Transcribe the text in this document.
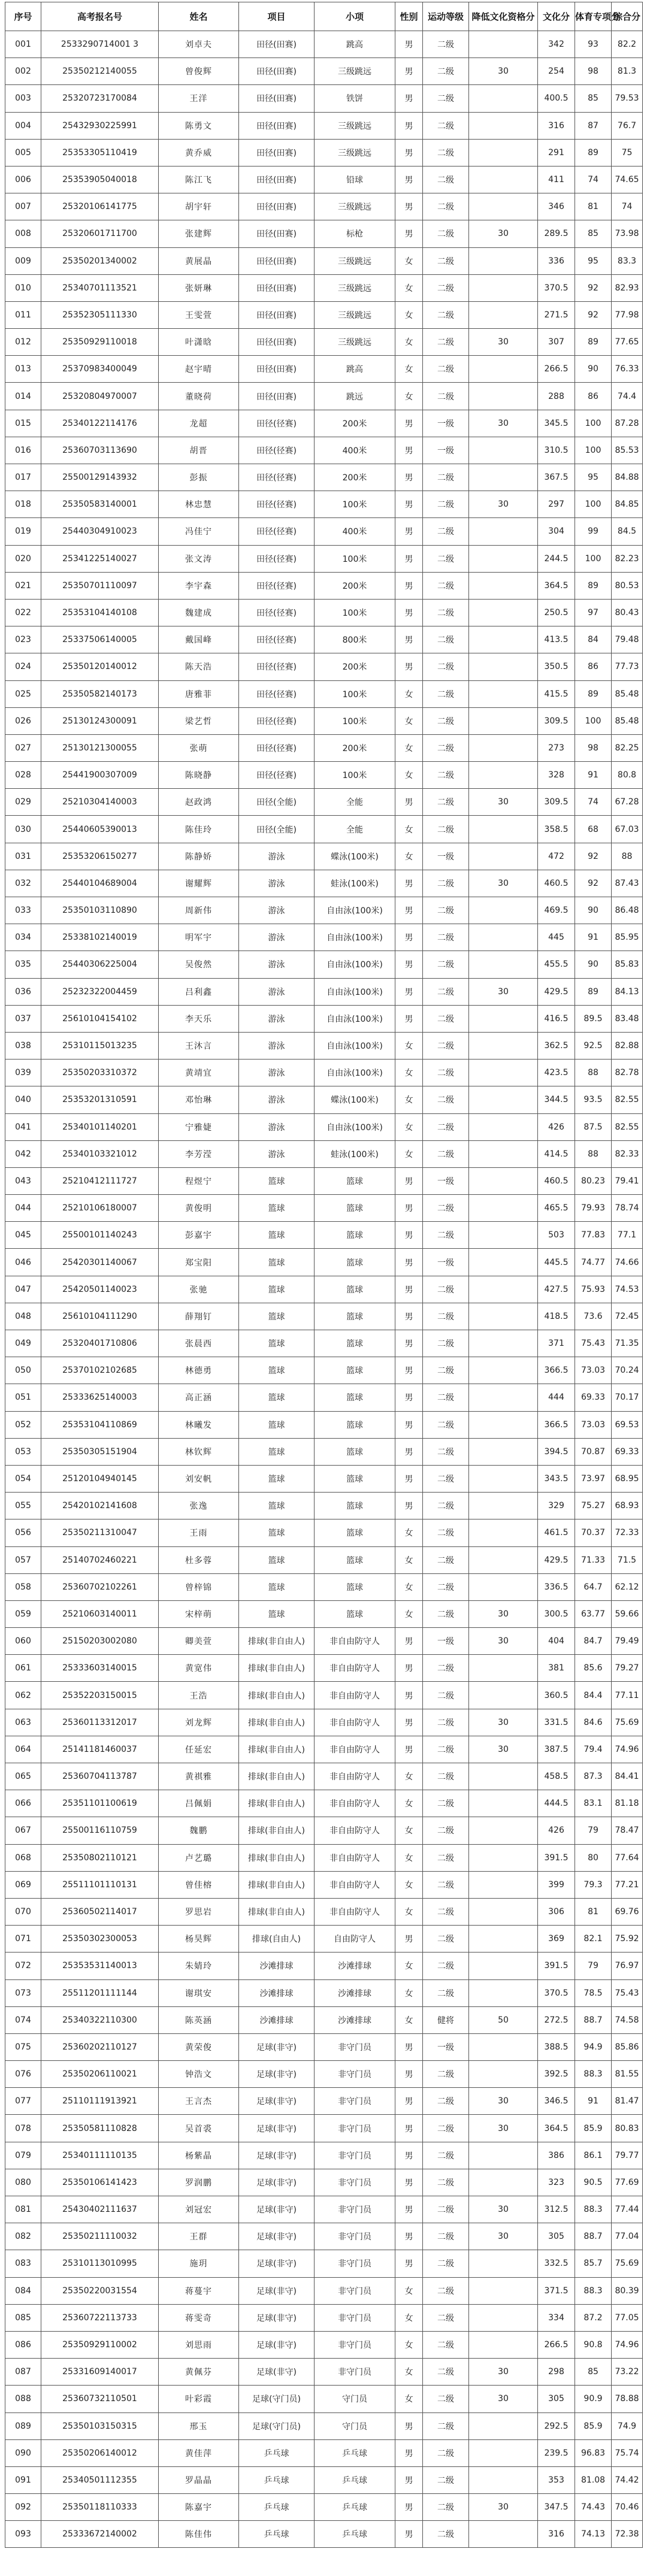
序号	高考报名号	姓名	项目	小项	性别	运动等级	降低文化资格分	文化分	体育专项分	综合分
001	2533290714001 3	刘卓夫	田径(田赛)	跳高	男	二级		342	93	82.2
002	25350212140055	曾俊辉	田径(田赛)	三级跳远	男	二级	30	254	98	81.3
003	25320723170084	王洋	田径(田赛)	铁饼	男	二级		400.5	85	79.53
004	25432930225991	陈勇文	田径(田赛)	三级跳远	男	二级		316	87	76.7
005	25353305110419	黄乔威	田径(田赛)	三级跳远	男	二级		291	89	75
006	25353905040018	陈江飞	田径(田赛)	铅球	男	二级		411	74	74.65
007	25320106141775	胡宇轩	田径(田赛)	三级跳远	男	二级		346	81	74
008	25320601711700	张建辉	田径(田赛)	标枪	男	二级	30	289.5	85	73.98
009	25350201340002	黄展晶	田径(田赛)	三级跳远	女	二级		336	95	83.3
010	25340701113521	张妍琳	田径(田赛)	三级跳远	女	二级		370.5	92	82.93
011	25352305111330	王雯萱	田径(田赛)	三级跳远	女	二级		271.5	92	77.98
012	25350929110018	叶潇晗	田径(田赛)	三级跳远	女	二级	30	307	89	77.65
013	25370983400049	赵宇晴	田径(田赛)	跳高	女	二级		266.5	90	76.33
014	25320804970007	董晓荷	田径(田赛)	跳远	女	二级		288	86	74.4
015	25340122114176	龙超	田径(径赛)	200米	男	一级	30	345.5	100	87.28
016	25360703113690	胡晋	田径(径赛)	400米	男	一级		310.5	100	85.53
017	25500129143932	彭振	田径(径赛)	200米	男	二级		367.5	95	84.88
018	25350583140001	林忠慧	田径(径赛)	100米	男	二级	30	297	100	84.85
019	25440304910023	冯佳宁	田径(径赛)	400米	男	二级		304	99	84.5
020	25341225140027	张文涛	田径(径赛)	100米	男	二级		244.5	100	82.23
021	25350701110097	李宇森	田径(径赛)	200米	男	二级		364.5	89	80.53
022	25353104140108	魏建成	田径(径赛)	100米	男	二级		250.5	97	80.43
023	25337506140005	戴国峰	田径(径赛)	800米	男	二级		413.5	84	79.48
024	25350120140012	陈天浩	田径(径赛)	200米	男	二级		350.5	86	77.73
025	25350582140173	唐雅菲	田径(径赛)	100米	女	二级		415.5	89	85.48
026	25130124300091	梁艺哲	田径(径赛)	100米	女	二级		309.5	100	85.48
027	25130121300055	张萌	田径(径赛)	200米	女	二级		273	98	82.25
028	25441900307009	陈晓静	田径(径赛)	100米	女	二级		328	91	80.8
029	25210304140003	赵政鸿	田径(全能)	全能	男	二级	30	309.5	74	67.28
030	25440605390013	陈佳玲	田径(全能)	全能	女	二级		358.5	68	67.03
031	25353206150277	陈静娇	游泳	蝶泳(100米)	女	一级		472	92	88
032	25440104689004	谢耀辉	游泳	蛙泳(100米)	男	二级	30	460.5	92	87.43
033	25350103110890	周新伟	游泳	自由泳(100米)	男	二级		469.5	90	86.48
034	25338102140019	明军宇	游泳	自由泳(100米)	男	二级		445	91	85.95
035	25440306225004	吴俊然	游泳	自由泳(100米)	男	二级		455.5	90	85.83
036	25232322004459	吕利鑫	游泳	自由泳(100米)	男	二级	30	429.5	89	84.13
037	25610104154102	李天乐	游泳	自由泳(100米)	男	二级		416.5	89.5	83.48
038	25310115013235	王沐言	游泳	自由泳(100米)	女	二级		362.5	92.5	82.88
039	25350203310372	黄靖宜	游泳	自由泳(100米)	女	二级		423.5	88	82.78
040	25353201310591	邓怡琳	游泳	蝶泳(100米)	女	二级		344.5	93.5	82.55
041	25340101140201	宁雅婕	游泳	自由泳(100米)	女	二级		426	87.5	82.55
042	25340103321012	李芳滢	游泳	蛙泳(100米)	女	二级		414.5	88	82.33
043	25210412111727	程煜宁	篮球	篮球	男	一级		460.5	80.23	79.41
044	25210106180007	黄俊明	篮球	篮球	男	二级		465.5	79.93	78.74
045	25500101140243	彭嘉宇	篮球	篮球	男	二级		503	77.83	77.1
046	25420301140067	郑宝阳	篮球	篮球	男	一级		445.5	74.77	74.66
047	25420501140023	张驰	篮球	篮球	男	二级		427.5	75.93	74.53
048	25610104111290	薛翔钉	篮球	篮球	男	二级		418.5	73.6	72.45
049	25320401710806	张晨西	篮球	篮球	男	二级		371	75.43	71.35
050	25370102102685	林德勇	篮球	篮球	男	二级		366.5	73.03	70.24
051	25333625140003	高正涵	篮球	篮球	男	二级		444	69.33	70.17
052	25353104110869	林曦发	篮球	篮球	男	二级		366.5	73.03	69.53
053	25350305151904	林钦辉	篮球	篮球	男	二级		394.5	70.87	69.33
054	25120104940145	刘安帆	篮球	篮球	男	二级		343.5	73.97	68.95
055	25420102141608	张逸	篮球	篮球	男	二级		329	75.27	68.93
056	25350211310047	王雨	篮球	篮球	女	二级		461.5	70.37	72.33
057	25140702460221	杜多蓉	篮球	篮球	女	二级		429.5	71.33	71.5
058	25360702102261	曾梓锦	篮球	篮球	女	二级		336.5	64.7	62.12
059	25210603140011	宋梓萌	篮球	篮球	女	二级	30	300.5	63.77	59.66
060	25150203002080	卿美萱	排球(非自由人)	非自由防守人	男	一级	30	404	84.7	79.49
061	25333603140015	黄宽伟	排球(非自由人)	非自由防守人	男	二级		381	85.6	79.27
062	25352203150015	王浩	排球(非自由人)	非自由防守人	男	二级		360.5	84.4	77.11
063	25360113312017	刘龙辉	排球(非自由人)	非自由防守人	男	二级	30	331.5	84.6	75.69
064	25141181460037	任延宏	排球(非自由人)	非自由防守人	男	二级	30	387.5	79.4	74.96
065	25360704113787	黄祺雅	排球(非自由人)	非自由防守人	女	二级		458.5	87.3	84.41
066	25351101100619	吕佩娟	排球(非自由人)	非自由防守人	女	二级		444.5	83.1	81.18
067	25500116110759	魏鹏	排球(非自由人)	非自由防守人	女	二级		426	79	78.47
068	25350802110121	卢艺璐	排球(非自由人)	非自由防守人	女	二级		391.5	80	77.64
069	25511101110131	曾佳榕	排球(非自由人)	非自由防守人	女	二级		399	79.3	77.21
070	25360502114017	罗思岩	排球(非自由人)	非自由防守人	女	二级		306	81	69.76
071	25350302300053	杨昊辉	排球(自由人)	自由防守人	男	二级		369	82.1	75.92
072	25353531140013	朱婧玲	沙滩排球	沙滩排球	女	二级		391.5	79	76.97
073	25511201111144	谢琪安	沙滩排球	沙滩排球	女	二级		370.5	78.5	75.43
074	25340322110300	陈英涵	沙滩排球	沙滩排球	女	健将	50	272.5	88.7	74.58
075	25360202110127	黄荣俊	足球(非守)	非守门员	男	一级		388.5	94.9	85.86
076	25350206110021	钟浩文	足球(非守)	非守门员	男	二级		392.5	88.3	81.55
077	25110111913921	王言杰	足球(非守)	非守门员	男	二级	30	346.5	91	81.47
078	25350581110828	吴首裘	足球(非守)	非守门员	男	二级	30	364.5	85.9	80.83
079	25340111110135	杨紫晶	足球(非守)	非守门员	男	二级		386	86.1	79.77
080	25350106141423	罗润鹏	足球(非守)	非守门员	男	二级		323	90.5	77.69
081	25430402111637	刘冠宏	足球(非守)	非守门员	男	二级	30	312.5	88.3	77.44
082	25350211110032	王群	足球(非守)	非守门员	男	二级	30	305	88.7	77.04
083	25310113010995	施玥	足球(非守)	非守门员	男	二级		332.5	85.7	75.69
084	25350220031554	蒋蔓宇	足球(非守)	非守门员	女	二级		371.5	88.3	80.39
085	25360722113733	蒋雯奇	足球(非守)	非守门员	女	二级		334	87.2	77.05
086	25350929110002	刘思雨	足球(非守)	非守门员	女	二级		266.5	90.8	74.96
087	25331609140017	黄佩芬	足球(非守)	非守门员	女	二级	30	298	85	73.22
088	25360732110501	叶彩霞	足球(守门员)	守门员	女	二级	30	305	90.9	78.88
089	25350103150315	邢玉	足球(守门员)	守门员	男	二级		292.5	85.9	74.9
090	25350206140012	黄佳萍	乒乓球	乒乓球	男	二级		239.5	96.83	75.74
091	25340501112355	罗晶晶	乒乓球	乒乓球	男	二级		353	81.08	74.42
092	25350118110333	陈嘉宇	乒乓球	乒乓球	男	二级	30	347.5	74.43	70.46
093	25333672140002	陈佳伟	乒乓球	乒乓球	男	二级		316	74.13	72.38
